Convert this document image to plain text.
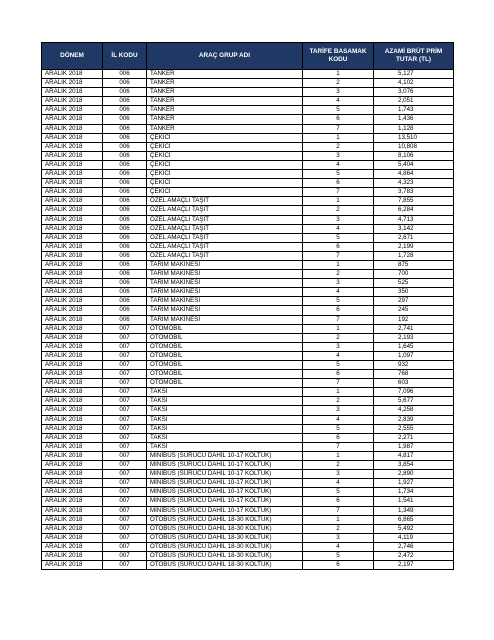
DÖNEM	İL KODU	ARAÇ GRUP ADI	TARİFE BASAMAK KODU	AZAMİ BRÜT PRİM TUTAR (TL)
ARALIK 2018	006	TANKER	1	5,127
ARALIK 2018	006	TANKER	2	4,102
ARALIK 2018	006	TANKER	3	3,076
ARALIK 2018	006	TANKER	4	2,051
ARALIK 2018	006	TANKER	5	1,743
ARALIK 2018	006	TANKER	6	1,436
ARALIK 2018	006	TANKER	7	1,128
ARALIK 2018	006	ÇEKİCİ	1	13,510
ARALIK 2018	006	ÇEKİCİ	2	10,808
ARALIK 2018	006	ÇEKİCİ	3	8,106
ARALIK 2018	006	ÇEKİCİ	4	5,404
ARALIK 2018	006	ÇEKİCİ	5	4,864
ARALIK 2018	006	ÇEKİCİ	6	4,323
ARALIK 2018	006	ÇEKİCİ	7	3,783
ARALIK 2018	006	ÖZEL AMAÇLI TAŞIT	1	7,855
ARALIK 2018	006	ÖZEL AMAÇLI TAŞIT	2	6,284
ARALIK 2018	006	ÖZEL AMAÇLI TAŞIT	3	4,713
ARALIK 2018	006	ÖZEL AMAÇLI TAŞIT	4	3,142
ARALIK 2018	006	ÖZEL AMAÇLI TAŞIT	5	2,671
ARALIK 2018	006	ÖZEL AMAÇLI TAŞIT	6	2,199
ARALIK 2018	006	ÖZEL AMAÇLI TAŞIT	7	1,728
ARALIK 2018	006	TARIM MAKİNESİ	1	875
ARALIK 2018	006	TARIM MAKİNESİ	2	700
ARALIK 2018	006	TARIM MAKİNESİ	3	525
ARALIK 2018	006	TARIM MAKİNESİ	4	350
ARALIK 2018	006	TARIM MAKİNESİ	5	297
ARALIK 2018	006	TARIM MAKİNESİ	6	245
ARALIK 2018	006	TARIM MAKİNESİ	7	192
ARALIK 2018	007	OTOMOBİL	1	2,741
ARALIK 2018	007	OTOMOBİL	2	2,193
ARALIK 2018	007	OTOMOBİL	3	1,645
ARALIK 2018	007	OTOMOBİL	4	1,097
ARALIK 2018	007	OTOMOBİL	5	932
ARALIK 2018	007	OTOMOBİL	6	768
ARALIK 2018	007	OTOMOBİL	7	603
ARALIK 2018	007	TAKSİ	1	7,096
ARALIK 2018	007	TAKSİ	2	5,677
ARALIK 2018	007	TAKSİ	3	4,258
ARALIK 2018	007	TAKSİ	4	2,839
ARALIK 2018	007	TAKSİ	5	2,555
ARALIK 2018	007	TAKSİ	6	2,271
ARALIK 2018	007	TAKSİ	7	1,987
ARALIK 2018	007	MİNİBÜS (SÜRÜCÜ DAHİL 10-17 KOLTUK)	1	4,817
ARALIK 2018	007	MİNİBÜS (SÜRÜCÜ DAHİL 10-17 KOLTUK)	2	3,854
ARALIK 2018	007	MİNİBÜS (SÜRÜCÜ DAHİL 10-17 KOLTUK)	3	2,890
ARALIK 2018	007	MİNİBÜS (SÜRÜCÜ DAHİL 10-17 KOLTUK)	4	1,927
ARALIK 2018	007	MİNİBÜS (SÜRÜCÜ DAHİL 10-17 KOLTUK)	5	1,734
ARALIK 2018	007	MİNİBÜS (SÜRÜCÜ DAHİL 10-17 KOLTUK)	6	1,541
ARALIK 2018	007	MİNİBÜS (SÜRÜCÜ DAHİL 10-17 KOLTUK)	7	1,349
ARALIK 2018	007	OTOBÜS (SÜRÜCÜ DAHİL 18-30 KOLTUK)	1	6,865
ARALIK 2018	007	OTOBÜS (SÜRÜCÜ DAHİL 18-30 KOLTUK)	2	5,492
ARALIK 2018	007	OTOBÜS (SÜRÜCÜ DAHİL 18-30 KOLTUK)	3	4,119
ARALIK 2018	007	OTOBÜS (SÜRÜCÜ DAHİL 18-30 KOLTUK)	4	2,746
ARALIK 2018	007	OTOBÜS (SÜRÜCÜ DAHİL 18-30 KOLTUK)	5	2,472
ARALIK 2018	007	OTOBÜS (SÜRÜCÜ DAHİL 18-30 KOLTUK)	6	2,197
